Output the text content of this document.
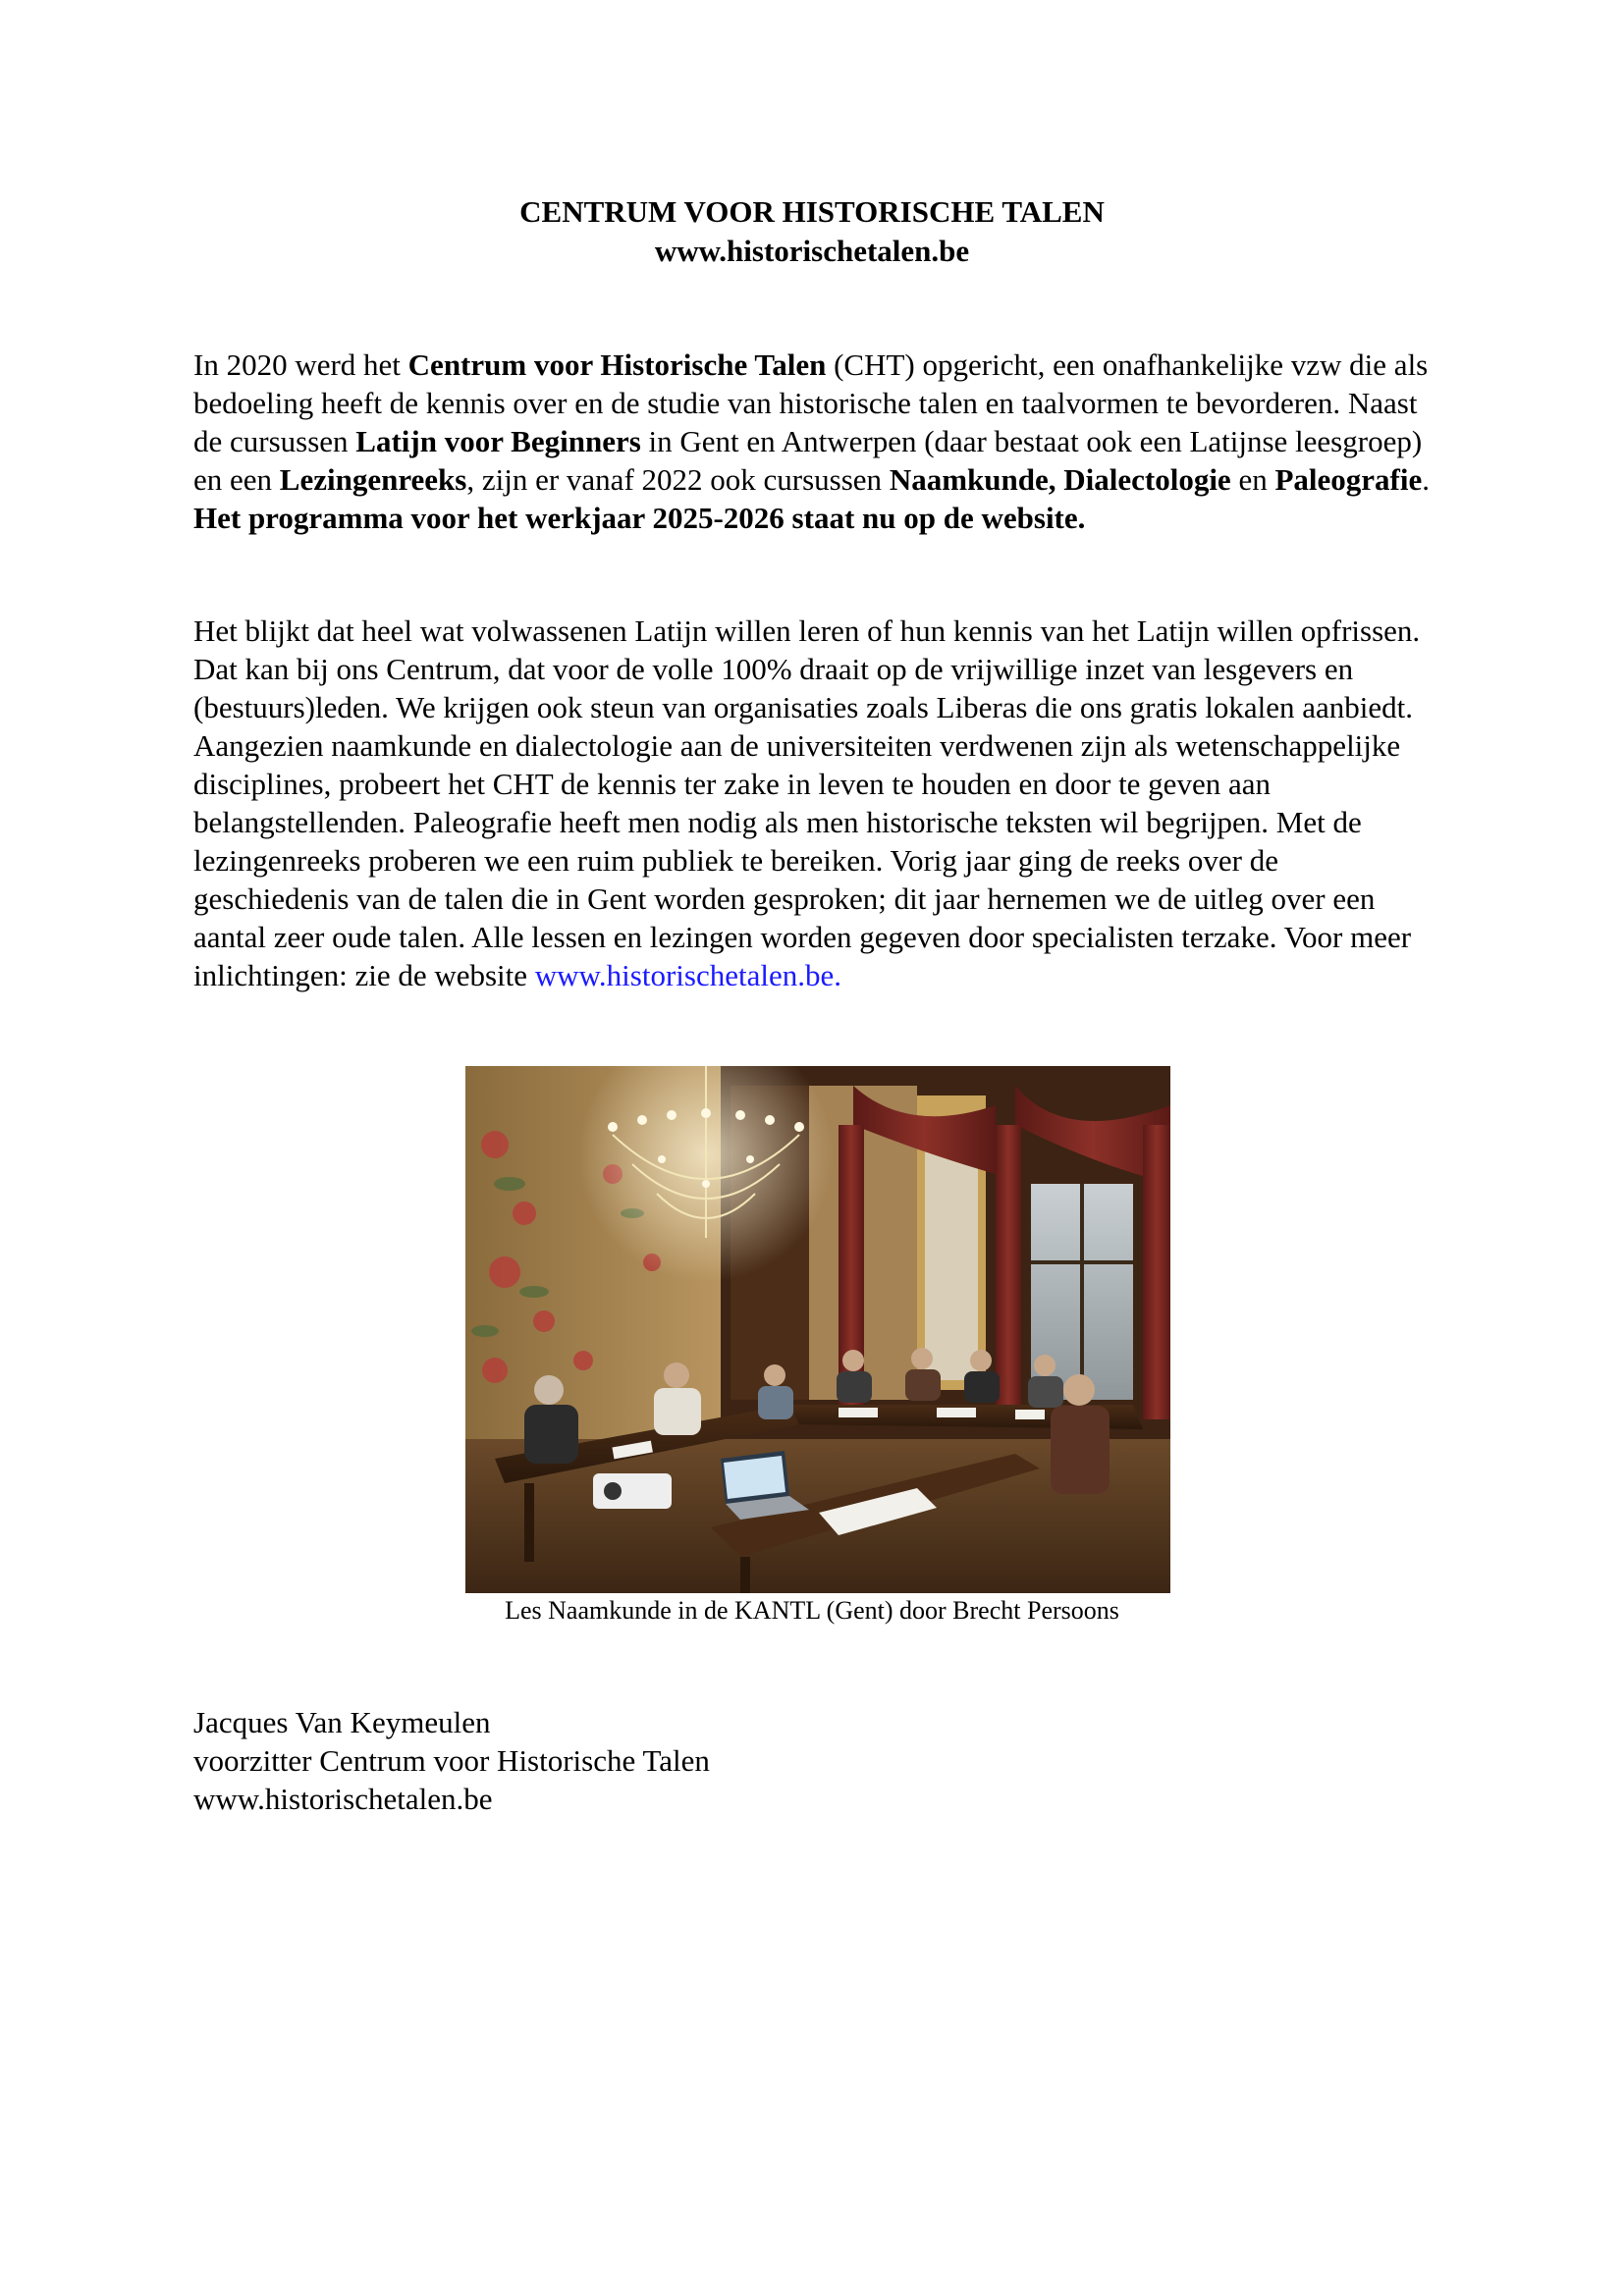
CENTRUM VOOR HISTORISCHE TALEN
www.historischetalen.be

In 2020 werd het Centrum voor Historische Talen (CHT) opgericht, een onafhankelijke vzw die als bedoeling heeft de kennis over en de studie van historische talen en taalvormen te bevorderen. Naast de cursussen Latijn voor Beginners in Gent en Antwerpen (daar bestaat ook een Latijnse leesgroep) en een Lezingenreeks, zijn er vanaf 2022 ook cursussen Naamkunde, Dialectologie en Paleografie. Het programma voor het werkjaar 2025-2026 staat nu op de website.

Het blijkt dat heel wat volwassenen Latijn willen leren of hun kennis van het Latijn willen opfrissen. Dat kan bij ons Centrum, dat voor de volle 100% draait op de vrijwillige inzet van lesgevers en (bestuurs)leden. We krijgen ook steun van organisaties zoals Liberas die ons gratis lokalen aanbiedt. Aangezien naamkunde en dialectologie aan de universiteiten verdwenen zijn als wetenschappelijke disciplines, probeert het CHT de kennis ter zake in leven te houden en door te geven aan belangstellenden. Paleografie heeft men nodig als men historische teksten wil begrijpen. Met de lezingenreeks proberen we een ruim publiek te bereiken. Vorig jaar ging de reeks over de geschiedenis van de talen die in Gent worden gesproken; dit jaar hernemen we de uitleg over een aantal zeer oude talen. Alle lessen en lezingen worden gegeven door specialisten terzake. Voor meer inlichtingen: zie de website www.historischetalen.be.

Les Naamkunde in de KANTL (Gent) door Brecht Persoons
Jacques Van Keymeulen
voorzitter Centrum voor Historische Talen
www.historischetalen.be
